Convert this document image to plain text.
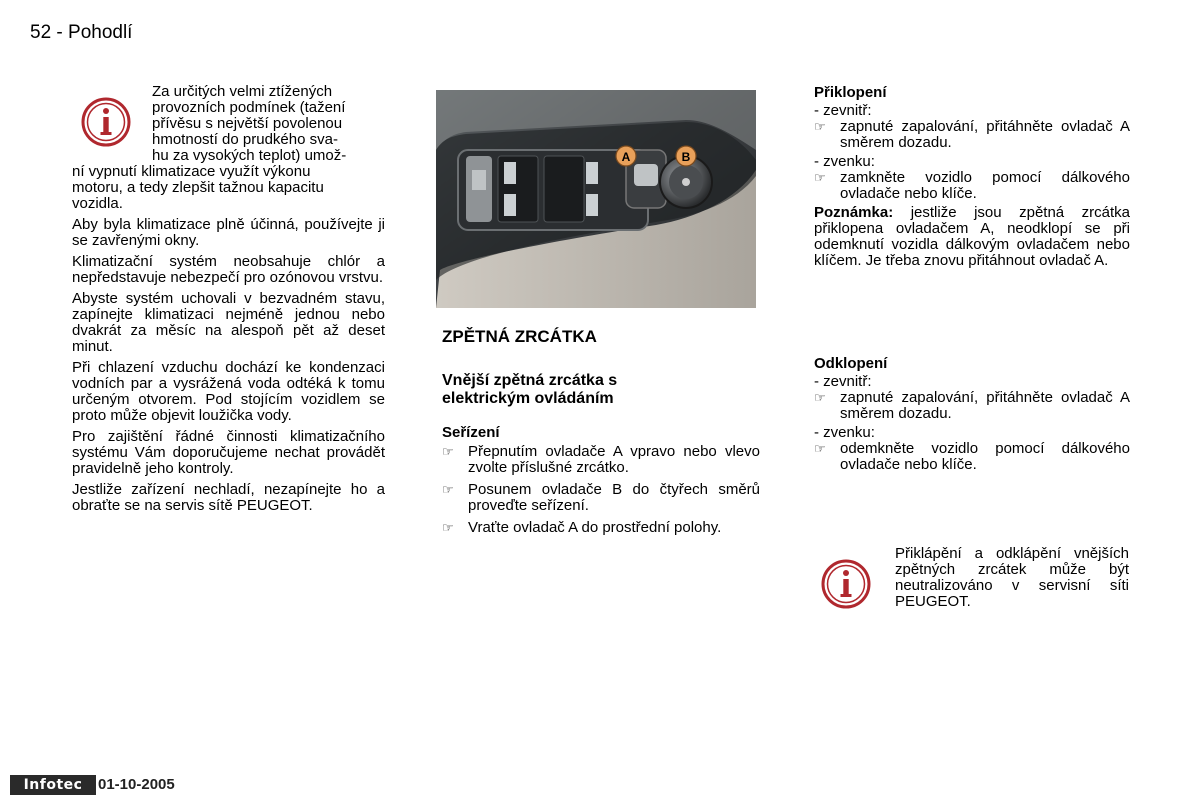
52 - Pohodlí

Za určitých velmi ztížených

provozních podmínek (tažení

přívěsu s největší povolenou

hmotností do prudkého sva-

hu za vysokých teplot) umož-

ní vypnutí klimatizace využít výkonu

motoru, a tedy zlepšit tažnou kapacitu

vozidla.

Aby byla klimatizace plně účinná, používejte ji se zavřenými okny.

Klimatizační systém neobsahuje chlór a nepředstavuje nebezpečí pro ozónovou vrstvu.

Abyste systém uchovali v bezvadném stavu, zapínejte klimatizaci nejméně jednou nebo dvakrát za měsíc na alespoň pět až deset minut.

Při chlazení vzduchu dochází ke kondenzaci vodních par a vysrážená voda odtéká k tomu určeným otvorem. Pod stojícím vozidlem se proto může objevit loužička vody.

Pro zajištění řádné činnosti klimatizačního systému Vám doporučujeme nechat provádět pravidelně jeho kontroly.

Jestliže zařízení nechladí, nezapínejte ho a obraťte se na servis sítě PEUGEOT.

A	B
ZPĚTNÁ ZRCÁTKA
Vnější zpětná zrcátka s elektrickým ovládáním
Seřízení
☞ Přepnutím ovladače A vpravo nebo vlevo zvolte příslušné zrcátko.
☞ Posunem ovladače B do čtyřech směrů proveďte seřízení.
☞ Vraťte ovladač A do prostřední polohy.
Přiklopení

- zevnitř:

☞ zapnuté zapalování, přitáhněte ovladač A směrem dozadu.

- zvenku:

☞ zamkněte vozidlo pomocí dálkového ovladače nebo klíče.

Poznámka: jestliže jsou zpětná zrcátka přiklopena ovladačem A, neodklopí se při odemknutí vozidla dálkovým ovladačem nebo klíčem. Je třeba znovu přitáhnout ovladač A.

Odklopení

- zevnitř:

☞ zapnuté zapalování, přitáhněte ovladač A směrem dozadu.

- zvenku:

☞ odemkněte vozidlo pomocí dálkového ovladače nebo klíče.

Přiklápění a odklápění vnějších zpětných zrcátek může být neutralizováno v servisní síti PEUGEOT.

Infotec	01-10-2005
